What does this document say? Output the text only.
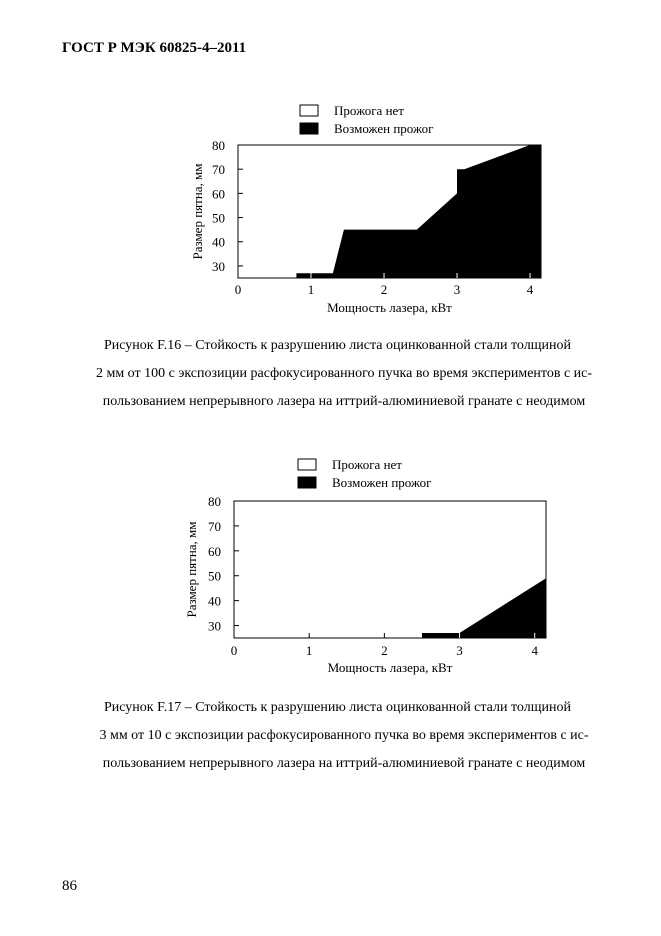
ГОСТ Р МЭК 60825-4–2011
Прожога нет
Возможен прожог
30
40
50
60
70
80
0	1	2	3	4
Мощность лазера, кВт
Размер пятна, мм
Рисунок F.16 – Стойкость к разрушению листа оцинкованной стали толщиной
2 мм от 100 с экспозиции расфокусированного пучка во время экспериментов с ис-
пользованием непрерывного лазера на иттрий-алюминиевой гранате с неодимом
Прожога нет
Возможен прожог
30
40
50
60
70
80
0	1	2	3	4
Мощность лазера, кВт
Размер пятна, мм
Рисунок F.17 – Стойкость к разрушению листа оцинкованной стали толщиной
3 мм от 10 с экспозиции расфокусированного пучка во время экспериментов с ис-
пользованием непрерывного лазера на иттрий-алюминиевой гранате с неодимом
86
